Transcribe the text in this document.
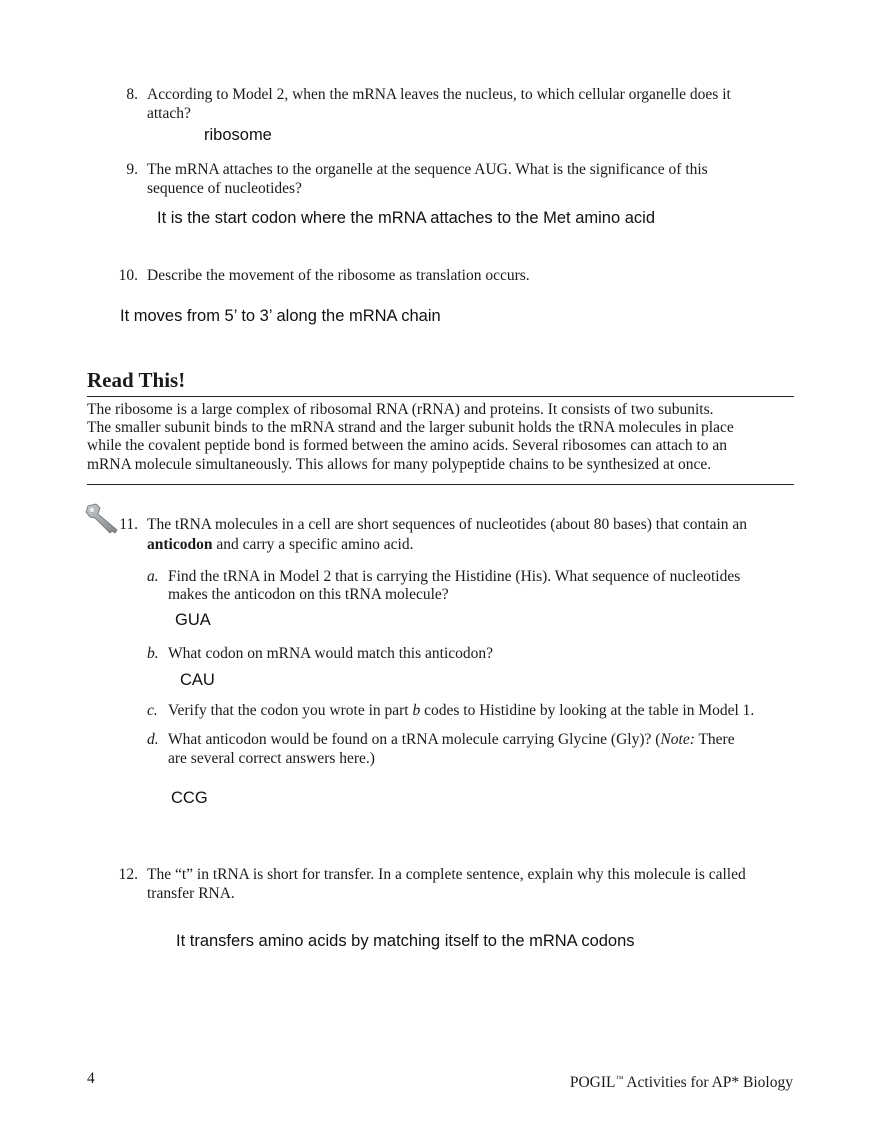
8. According to Model 2, when the mRNA leaves the nucleus, to which cellular organelle does it
attach?
ribosome
9. The mRNA attaches to the organelle at the sequence AUG. What is the significance of this
sequence of nucleotides?
It is the start codon where the mRNA attaches to the Met amino acid
10. Describe the movement of the ribosome as translation occurs.
It moves from 5’ to 3’ along the mRNA chain
Read This!
The ribosome is a large complex of ribosomal RNA (rRNA) and proteins. It consists of two subunits.
The smaller subunit binds to the mRNA strand and the larger subunit holds the tRNA molecules in place
while the covalent peptide bond is formed between the amino acids. Several ribosomes can attach to an
mRNA molecule simultaneously. This allows for many polypeptide chains to be synthesized at once.
11. The tRNA molecules in a cell are short sequences of nucleotides (about 80 bases) that contain an
anticodon and carry a specific amino acid.
a. Find the tRNA in Model 2 that is carrying the Histidine (His). What sequence of nucleotides
makes the anticodon on this tRNA molecule?
GUA
b. What codon on mRNA would match this anticodon?
CAU
c. Verify that the codon you wrote in part b codes to Histidine by looking at the table in Model 1.
d. What anticodon would be found on a tRNA molecule carrying Glycine (Gly)? (Note: There
are several correct answers here.)
CCG
12. The “t” in tRNA is short for transfer. In a complete sentence, explain why this molecule is called
transfer RNA.
It transfers amino acids by matching itself to the mRNA codons
4	POGIL™ Activities for AP* Biology
